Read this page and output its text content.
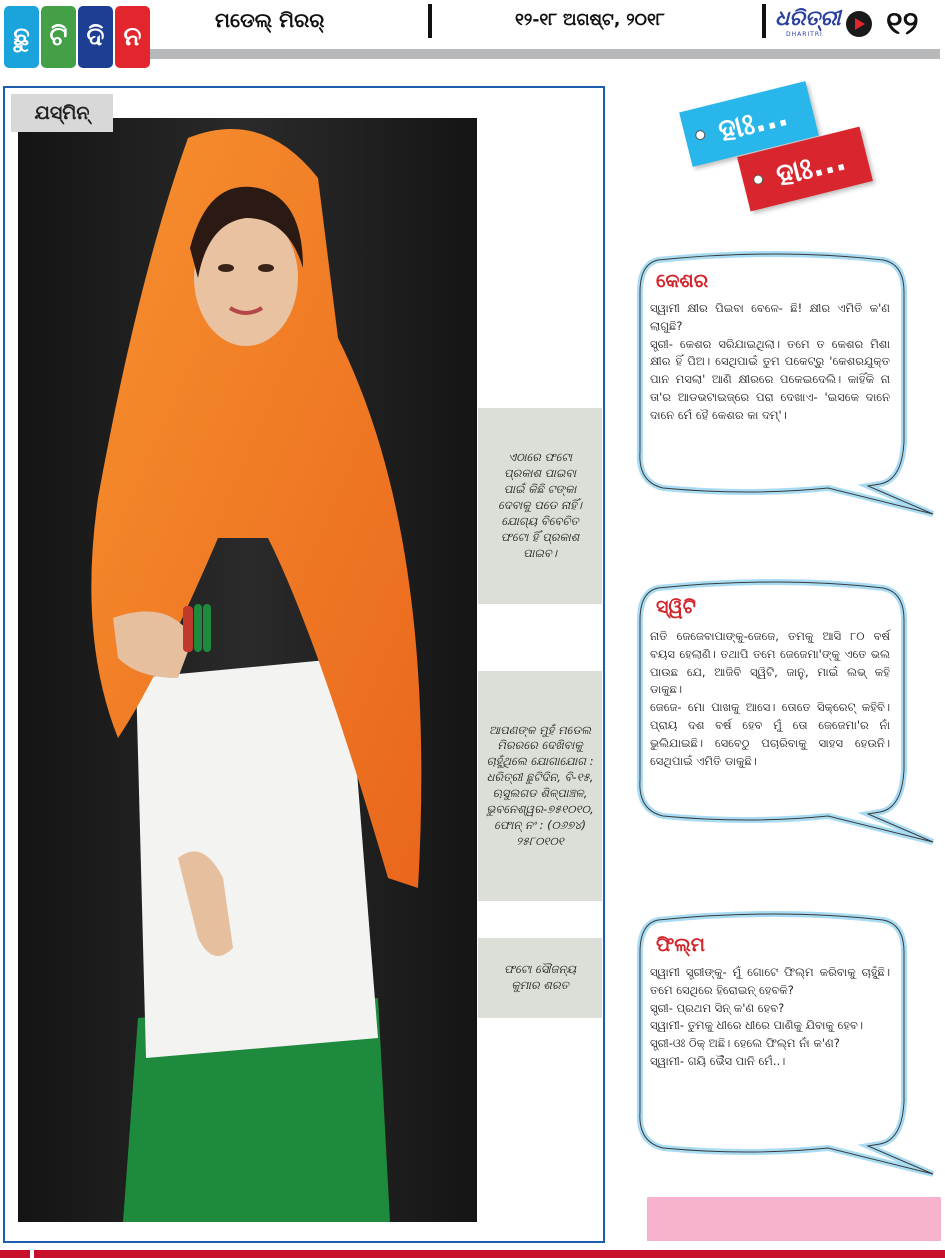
ଛୁ ଟି ଦି ନ
ମଡେଲ୍ ମିରର୍	୧୨-୧୮ ଅଗଷ୍ଟ, ୨୦୧୮	ଧରିତ୍ରୀ
DHARITRI ୧୨
ଯସ୍ମିନ୍
ଏଠାରେ ଫଟୋ ପ୍ରକାଶ ପାଇବା ପାଇଁ କିଛି ଟଙ୍କା ଦେବାକୁ ପଡେ ନାହିଁ। ଯୋଗ୍ୟ ବିବେଚିତ ଫଟୋ ହିଁ ପ୍ରକାଶ ପାଇବ।
ଆପଣଙ୍କ ମୁହଁ ମଡେଲ ମିରରରେ ଦେଖିବାକୁ ଚାହୁଁଥିଲେ ଯୋଗାଯୋଗ : ଧରିତ୍ରୀ ଛୁଟିଦିନ, ବି-୧୫, ଋସୁଲଗଡ ଶିଳ୍ପାଞ୍ଚଳ, ଭୁବନେଶ୍ୱର-୭୫୧୦୧୦, ଫୋନ୍ ନଂ : (୦୬୭୪) ୨୫୮୦୧୦୧
ଫଟୋ ସୌଜନ୍ୟ କୁମାର ଶରତ
ହାଃ...
ହାଃ...
କେଶର

ସ୍ୱାମୀ କ୍ଷୀର ପିଇବା ବେଳେ- ଛି! କ୍ଷୀର ଏମିତି କ'ଣ ଲାଗୁଛି?

ସ୍ତ୍ରୀ- କେଶର ସରିଯାଇଥିଲା। ତମେ ତ କେଶର ମିଶା କ୍ଷୀର ହିଁ ପିଅ। ସେଥିପାଇଁ ତୁମ ପକେଟ୍‌ରୁ 'କେଶରଯୁକ୍ତ ପାନ ମସଲା' ଆଣି କ୍ଷୀରରେ ପକେଇଦେଲି। କାହିଁକି ନା ତା'ର ଆଡଭଟାଇଜ୍‌ରେ ପରା ଦେଖାଏ- 'ଇସକେ ଦାନେ ଦାନେ ମେଁ ହୈ କେଶର କା ଦମ୍'।

ସ୍ୱିଟି

ନାତି ଜେଜେବାପାଙ୍କୁ-ଜେଜେ, ତମକୁ ଆସି ୮୦ ବର୍ଷ ବୟସ ହେଲାଣି। ତଥାପି ତମେ ଜେଜେମା'ଙ୍କୁ ଏତେ ଭଲ ପାଉଛ ଯେ, ଆଜିବି ସ୍ୱିଟି, ଜାନୁ, ମାଇଁ ଲଭ୍ କହି ଡାକୁଛ।

ଜେଜେ- ମୋ ପାଖକୁ ଆସେ। ତୋତେ ସିକ୍ରେଟ୍ କହିବି। ପ୍ରାୟ ଦଶ ବର୍ଷ ହେବ ମୁଁ ତୋ ଜେଜେମା'ର ନାଁ ଭୁଲିଯାଇଛି। ସେବେଠୁ ପଚାରିବାକୁ ସାହସ ହେଉନି। ସେଥିପାଇଁ ଏମିତି ଡାକୁଛି।

ଫିଲ୍ମ

ସ୍ୱାମୀ ସ୍ତ୍ରୀଙ୍କୁ- ମୁଁ ଗୋଟେ ଫିଲ୍ମ କରିବାକୁ ଚାହୁଁଛି। ତମେ ସେଥିରେ ହିରୋଇନ୍ ହେବକି?

ସ୍ତ୍ରୀ- ପ୍ରଥମ ସିନ୍ କ'ଣ ହେବ?

ସ୍ୱାମୀ- ତୁମକୁ ଧୀରେ ଧୀରେ ପାଣିକୁ ଯିବାକୁ ହେବ।

ସ୍ତ୍ରୀ-ଓଃ ଠିକ୍ ଅଛି। ହେଲେ ଫିଲ୍ମ ନାଁ କ'ଣ?

ସ୍ୱାମୀ- ଗୟି ଭୈଁସ ପାନି ମେଁ..।
